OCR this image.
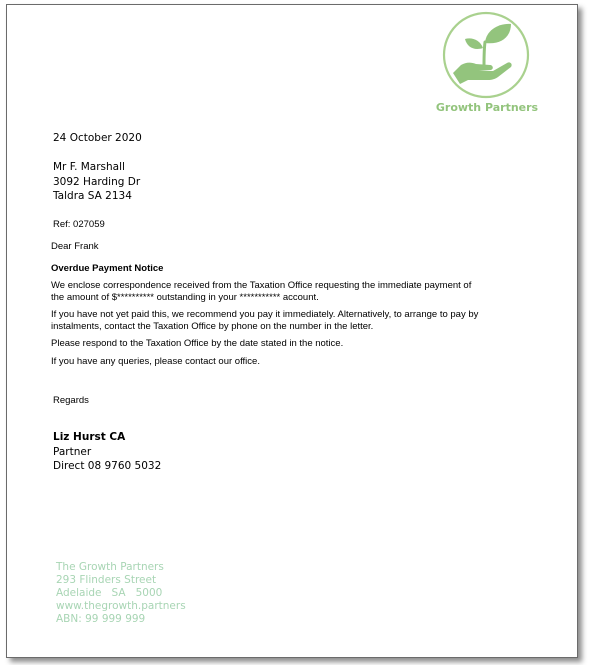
Growth Partners
24 October 2020
Mr F. Marshall
3092 Harding Dr
Taldra SA 2134
Ref: 027059
Dear Frank
Overdue Payment Notice
We enclose correspondence received from the Taxation Office requesting the immediate payment of
the amount of $********** outstanding in your *********** account.
If you have not yet paid this, we recommend you pay it immediately. Alternatively, to arrange to pay by
instalments, contact the Taxation Office by phone on the number in the letter.
Please respond to the Taxation Office by the date stated in the notice.
If you have any queries, please contact our office.
Regards
Liz Hurst CA
Partner
Direct 08 9760 5032
The Growth Partners
293 Flinders Street
Adelaide   SA   5000
www.thegrowth.partners
ABN: 99 999 999
